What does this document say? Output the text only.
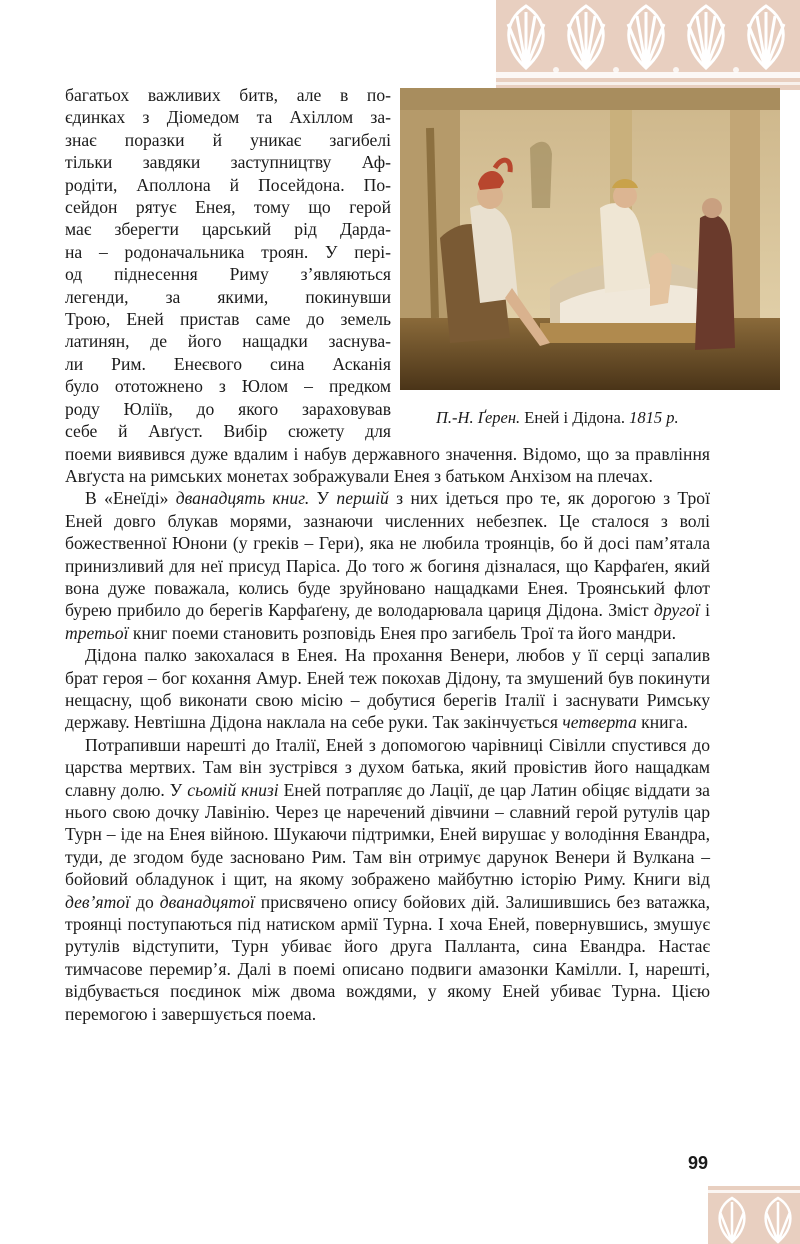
П.-Н. Ґерен. Еней і Дідона. 1815 р.

багатьох важливих битв, але в по-
єдинках з Діомедом та Ахіллом за-
знає поразки й уникає загибелі
тільки завдяки заступництву Аф-
родіти, Аполлона й Посейдона. По-
сейдон рятує Енея, тому що герой
має зберегти царський рід Дарда-
на – родоначальника троян. У пері-
од піднесення Риму з’являються
легенди, за якими, покинувши
Трою, Еней пристав саме до земель
латинян, де його нащадки заснува-
ли Рим. Енеєвого сина Асканія
було ототожнено з Юлом – предком
роду Юліїв, до якого зараховував
себе й Авґуст. Вибір сюжету для
поеми виявився дуже вдалим і набув державного значення. Відомо, що за правління Авґуста на римських монетах зображували Енея з батьком Анхізом на плечах.

В «Енеїді» дванадцять книг. У першій з них ідеться про те, як дорогою з Трої Еней довго блукав морями, зазнаючи численних небезпек. Це сталося з волі божественної Юнони (у греків – Гери), яка не любила троянців, бо й досі пам’ятала принизливий для неї присуд Паріса. До того ж богиня дізналася, що Карфаґен, який вона дуже поважала, колись буде зруйновано нащадками Енея. Троянський флот бурею прибило до берегів Карфаґену, де володарювала цариця Дідона. Зміст другої і третьої книг поеми становить розповідь Енея про загибель Трої та його мандри.

Дідона палко закохалася в Енея. На прохання Венери, любов у її серці запалив брат героя – бог кохання Амур. Еней теж покохав Дідону, та змушений був покинути нещасну, щоб виконати свою місію – добутися берегів Італії і заснувати Римську державу. Невтішна Дідона наклала на себе руки. Так закінчується четверта книга.

Потрапивши нарешті до Італії, Еней з допомогою чарівниці Сівілли спустився до царства мертвих. Там він зустрівся з духом батька, який провістив його нащадкам славну долю. У сьомій книзі Еней потрапляє до Лації, де цар Латин обіцяє віддати за нього свою дочку Лавінію. Через це наречений дівчини – славний герой рутулів цар Турн – іде на Енея війною. Шукаючи підтримки, Еней вирушає у володіння Евандра, туди, де згодом буде засновано Рим. Там він отримує дарунок Венери й Вулкана – бойовий обладунок і щит, на якому зображено майбутню історію Риму. Книги від дев’ятої до дванадцятої присвячено опису бойових дій. Залишившись без ватажка, троянці поступаються під натиском армії Турна. І хоча Еней, повернувшись, змушує рутулів відступити, Турн убиває його друга Палланта, сина Евандра. Настає тимчасове перемир’я. Далі в поемі описано подвиги амазонки Камілли. І, нарешті, відбувається поєдинок між двома вождями, у якому Еней убиває Турна. Цією перемогою і завершується поема.

99
